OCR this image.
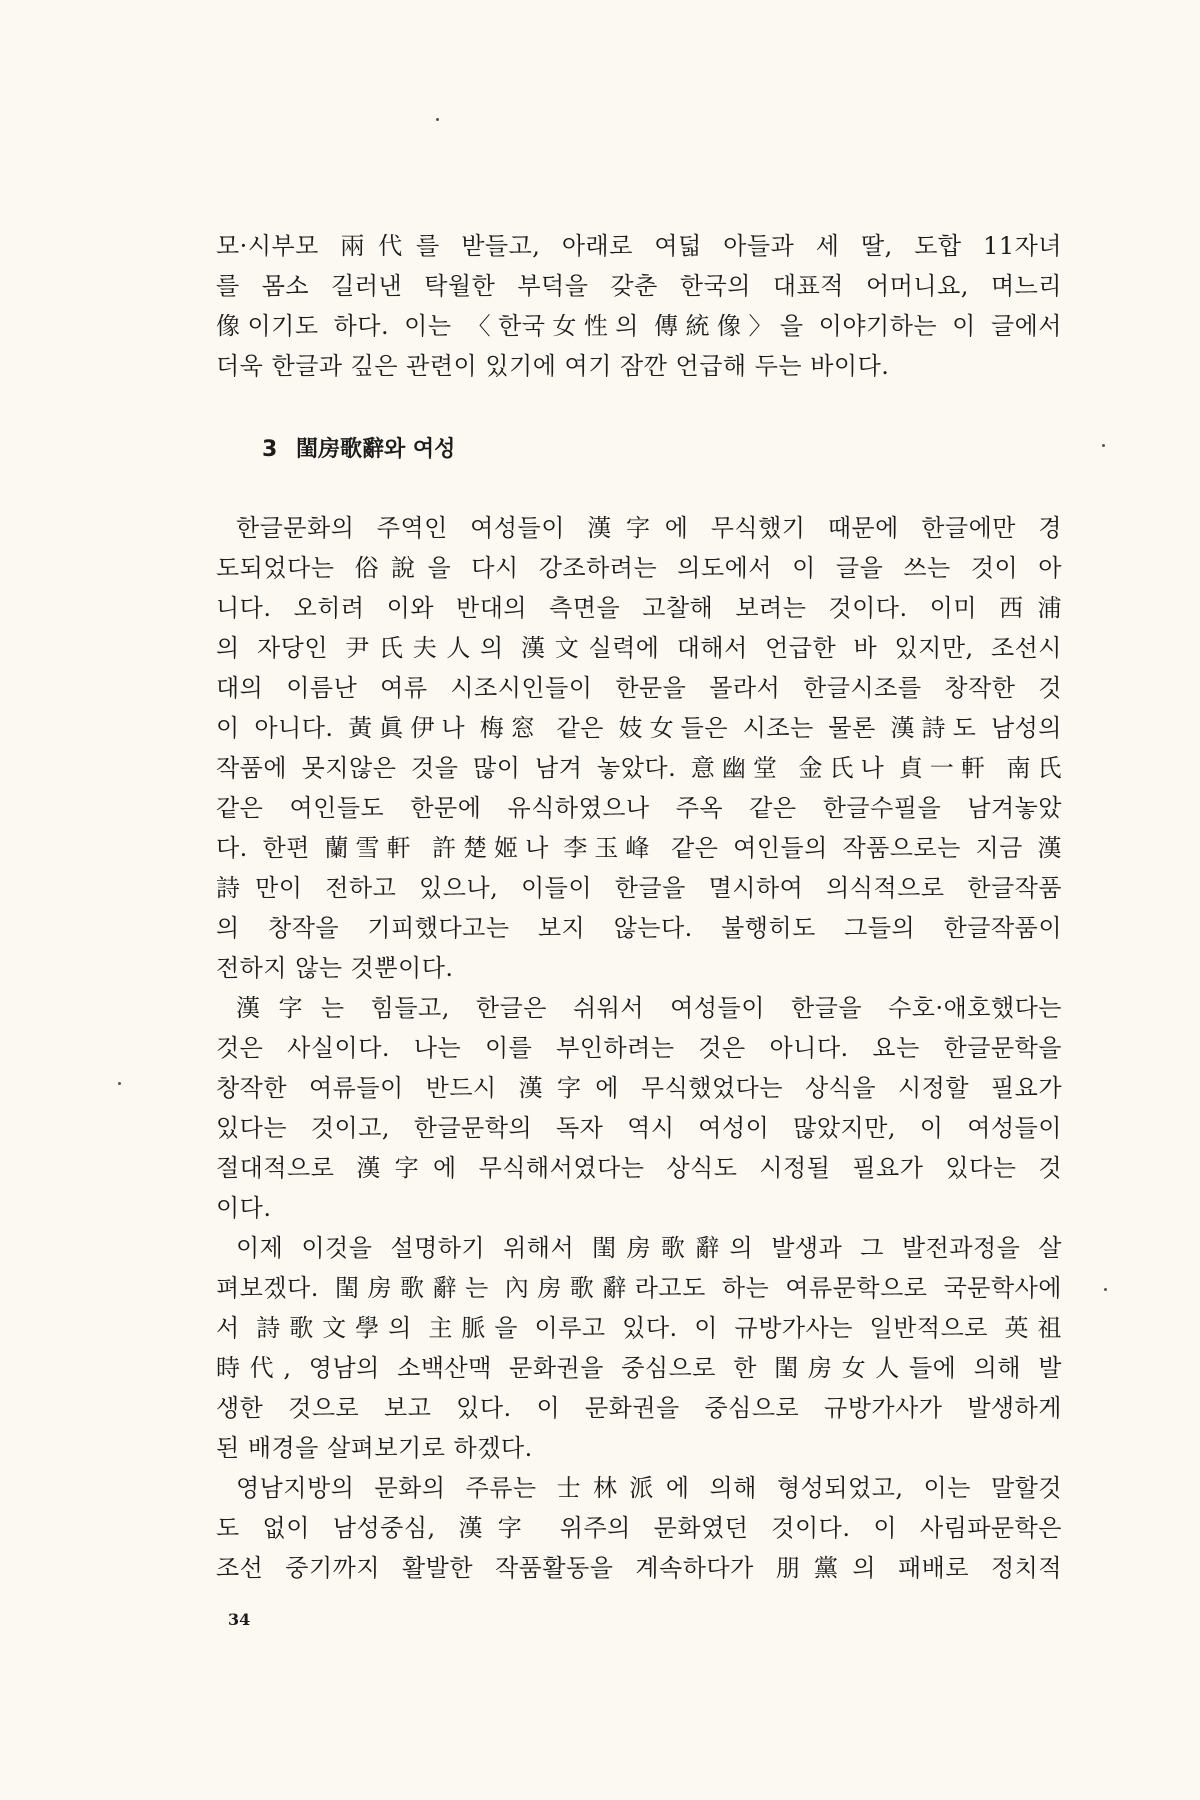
모·시부모 兩代를 받들고, 아래로 여덟 아들과 세 딸, 도합 11자녀
를 몸소 길러낸 탁월한 부덕을 갖춘 한국의 대표적 어머니요, 며느리
像이기도 하다. 이는 〈한국女性의 傳統像〉을 이야기하는 이 글에서
더욱 한글과 깊은 관련이 있기에 여기 잠깐 언급해 두는 바이다.
3 閨房歌辭와 여성
한글문화의 주역인 여성들이 漢字에 무식했기 때문에 한글에만 경
도되었다는 俗說을 다시 강조하려는 의도에서 이 글을 쓰는 것이 아
니다. 오히려 이와 반대의 측면을 고찰해 보려는 것이다. 이미 西浦
의 자당인 尹氏夫人의 漢文실력에 대해서 언급한 바 있지만, 조선시
대의 이름난 여류 시조시인들이 한문을 몰라서 한글시조를 창작한 것
이 아니다. 黃眞伊나 梅窓 같은 妓女들은 시조는 물론 漢詩도 남성의
작품에 못지않은 것을 많이 남겨 놓았다. 意幽堂 金氏나 貞一軒 南氏
같은 여인들도 한문에 유식하였으나 주옥 같은 한글수필을 남겨놓았
다. 한편 蘭雪軒 許楚姬나 李玉峰 같은 여인들의 작품으로는 지금 漢
詩만이 전하고 있으나, 이들이 한글을 멸시하여 의식적으로 한글작품
의 창작을 기피했다고는 보지 않는다. 불행히도 그들의 한글작품이
전하지 않는 것뿐이다.
漢字는 힘들고, 한글은 쉬워서 여성들이 한글을 수호·애호했다는
것은 사실이다. 나는 이를 부인하려는 것은 아니다. 요는 한글문학을
창작한 여류들이 반드시 漢字에 무식했었다는 상식을 시정할 필요가
있다는 것이고, 한글문학의 독자 역시 여성이 많았지만, 이 여성들이
절대적으로 漢字에 무식해서였다는 상식도 시정될 필요가 있다는 것
이다.
이제 이것을 설명하기 위해서 閨房歌辭의 발생과 그 발전과정을 살
펴보겠다. 閨房歌辭는 內房歌辭라고도 하는 여류문학으로 국문학사에
서 詩歌文學의 主脈을 이루고 있다. 이 규방가사는 일반적으로 英祖
時代, 영남의 소백산맥 문화권을 중심으로 한 閨房女人들에 의해 발
생한 것으로 보고 있다. 이 문화권을 중심으로 규방가사가 발생하게
된 배경을 살펴보기로 하겠다.
영남지방의 문화의 주류는 士林派에 의해 형성되었고, 이는 말할것
도 없이 남성중심, 漢字 위주의 문화였던 것이다. 이 사림파문학은
조선 중기까지 활발한 작품활동을 계속하다가 朋黨의 패배로 정치적
34
